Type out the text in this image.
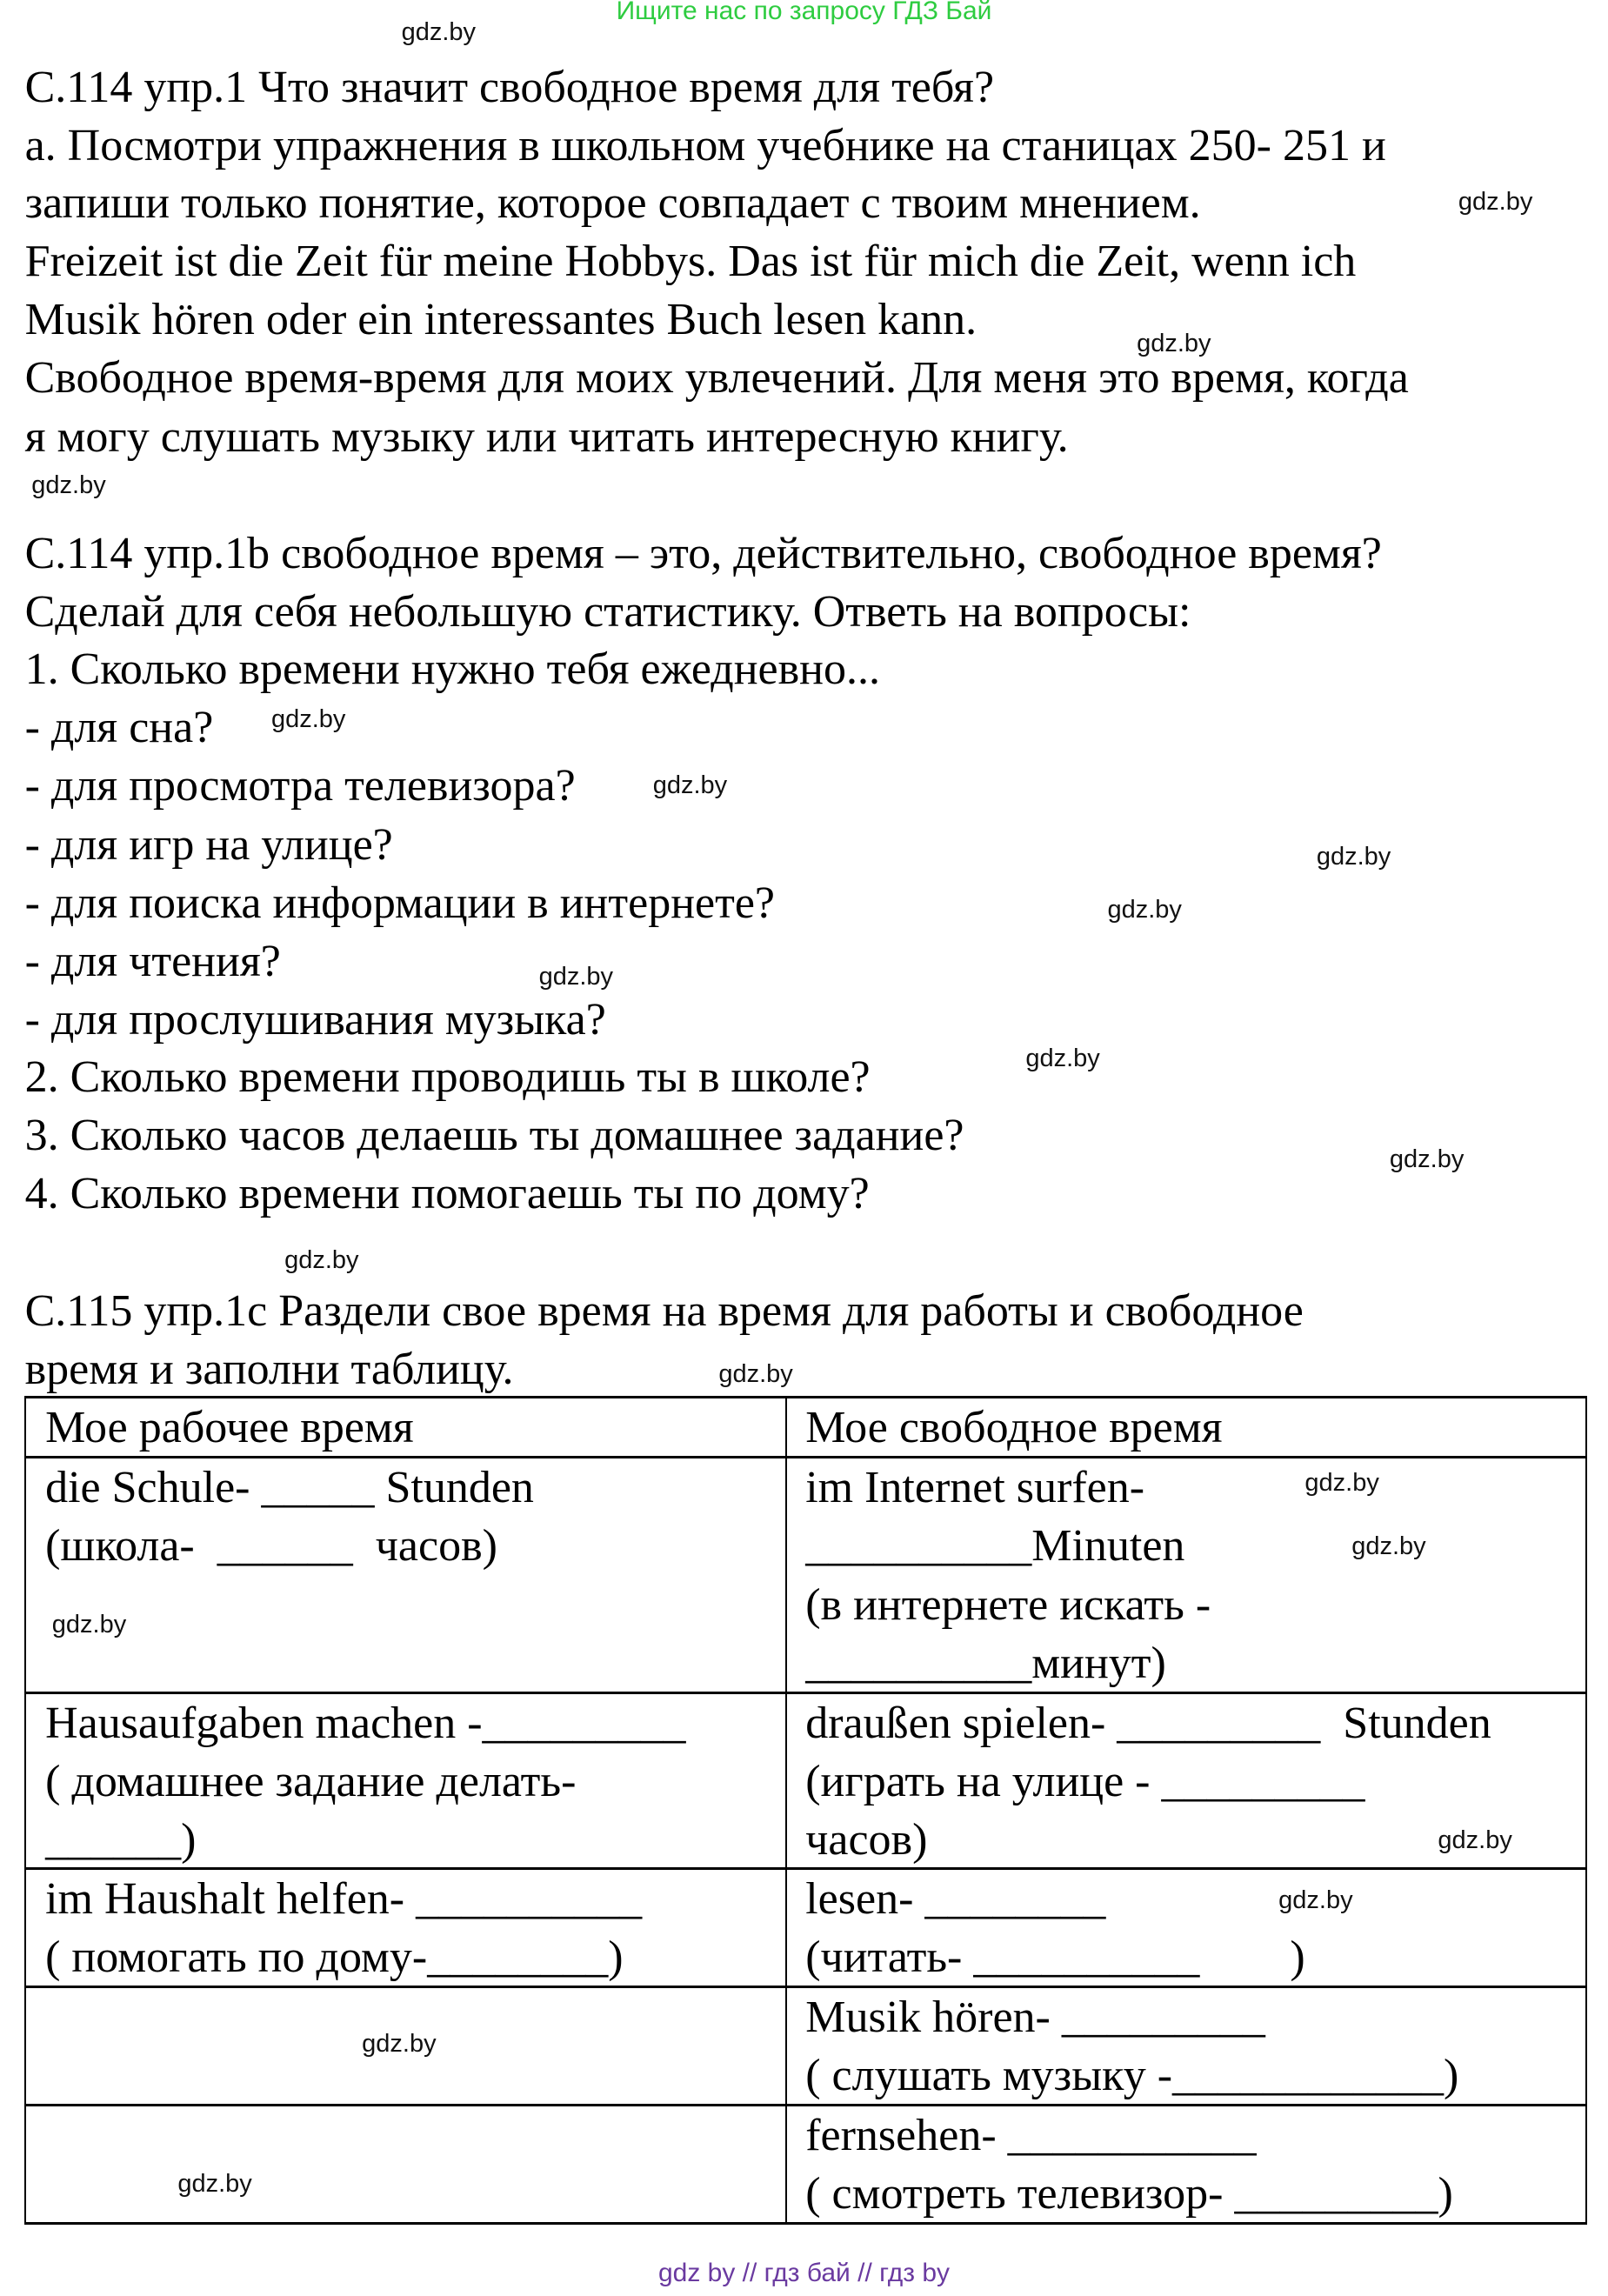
Ищите нас по запросу ГДЗ Бай
gdz by // гдз бай // гдз by
С.114 упр.1 Что значит свободное время для тебя?
а. Посмотри упражнения в школьном учебнике на станицах 250- 251 и
запиши только понятие, которое совпадает с твоим мнением.
Freizeit ist die Zeit für meine Hobbys. Das ist für mich die Zeit, wenn ich
Musik hören oder ein interessantes Buch lesen kann.
Свободное время-время для моих увлечений. Для меня это время, когда
я могу слушать музыку или читать интересную книгу.
С.114 упр.1b свободное время – это, действительно, свободное время?
Сделай для себя небольшую статистику. Ответь на вопросы:
1. Сколько времени нужно тебя ежедневно...
- для сна?
- для просмотра телевизора?
- для игр на улице?
- для поиска информации в интернете?
- для чтения?
- для прослушивания музыка?
2. Сколько времени проводишь ты в школе?
3. Сколько часов делаешь ты домашнее задание?
4. Сколько времени помогаешь ты по дому?
С.115 упр.1с Раздели свое время на время для работы и свободное
время и заполни таблицу.
Мое рабочее время	Мое свободное время
die Schule- _____ Stunden
(школа-  ______  часов)
im Internet surfen-
__________Minuten
(в интернете искать -
__________минут)
Hausaufgaben machen -_________
( домашнее задание делать-
______)
draußen spielen- _________  Stunden
(играть на улице - _________
часов)
im Haushalt helfen- __________
( помогать по дому-________)
lesen- ________
(читать- __________        )
Musik hören- _________
( слушать музыку -____________)
fernsehen- ___________
( смотреть телевизор- _________)
gdz.by
gdz.by
gdz.by
gdz.by
gdz.by
gdz.by
gdz.by
gdz.by
gdz.by
gdz.by
gdz.by
gdz.by
gdz.by
gdz.by
gdz.by
gdz.by
gdz.by
gdz.by
gdz.by
gdz.by
